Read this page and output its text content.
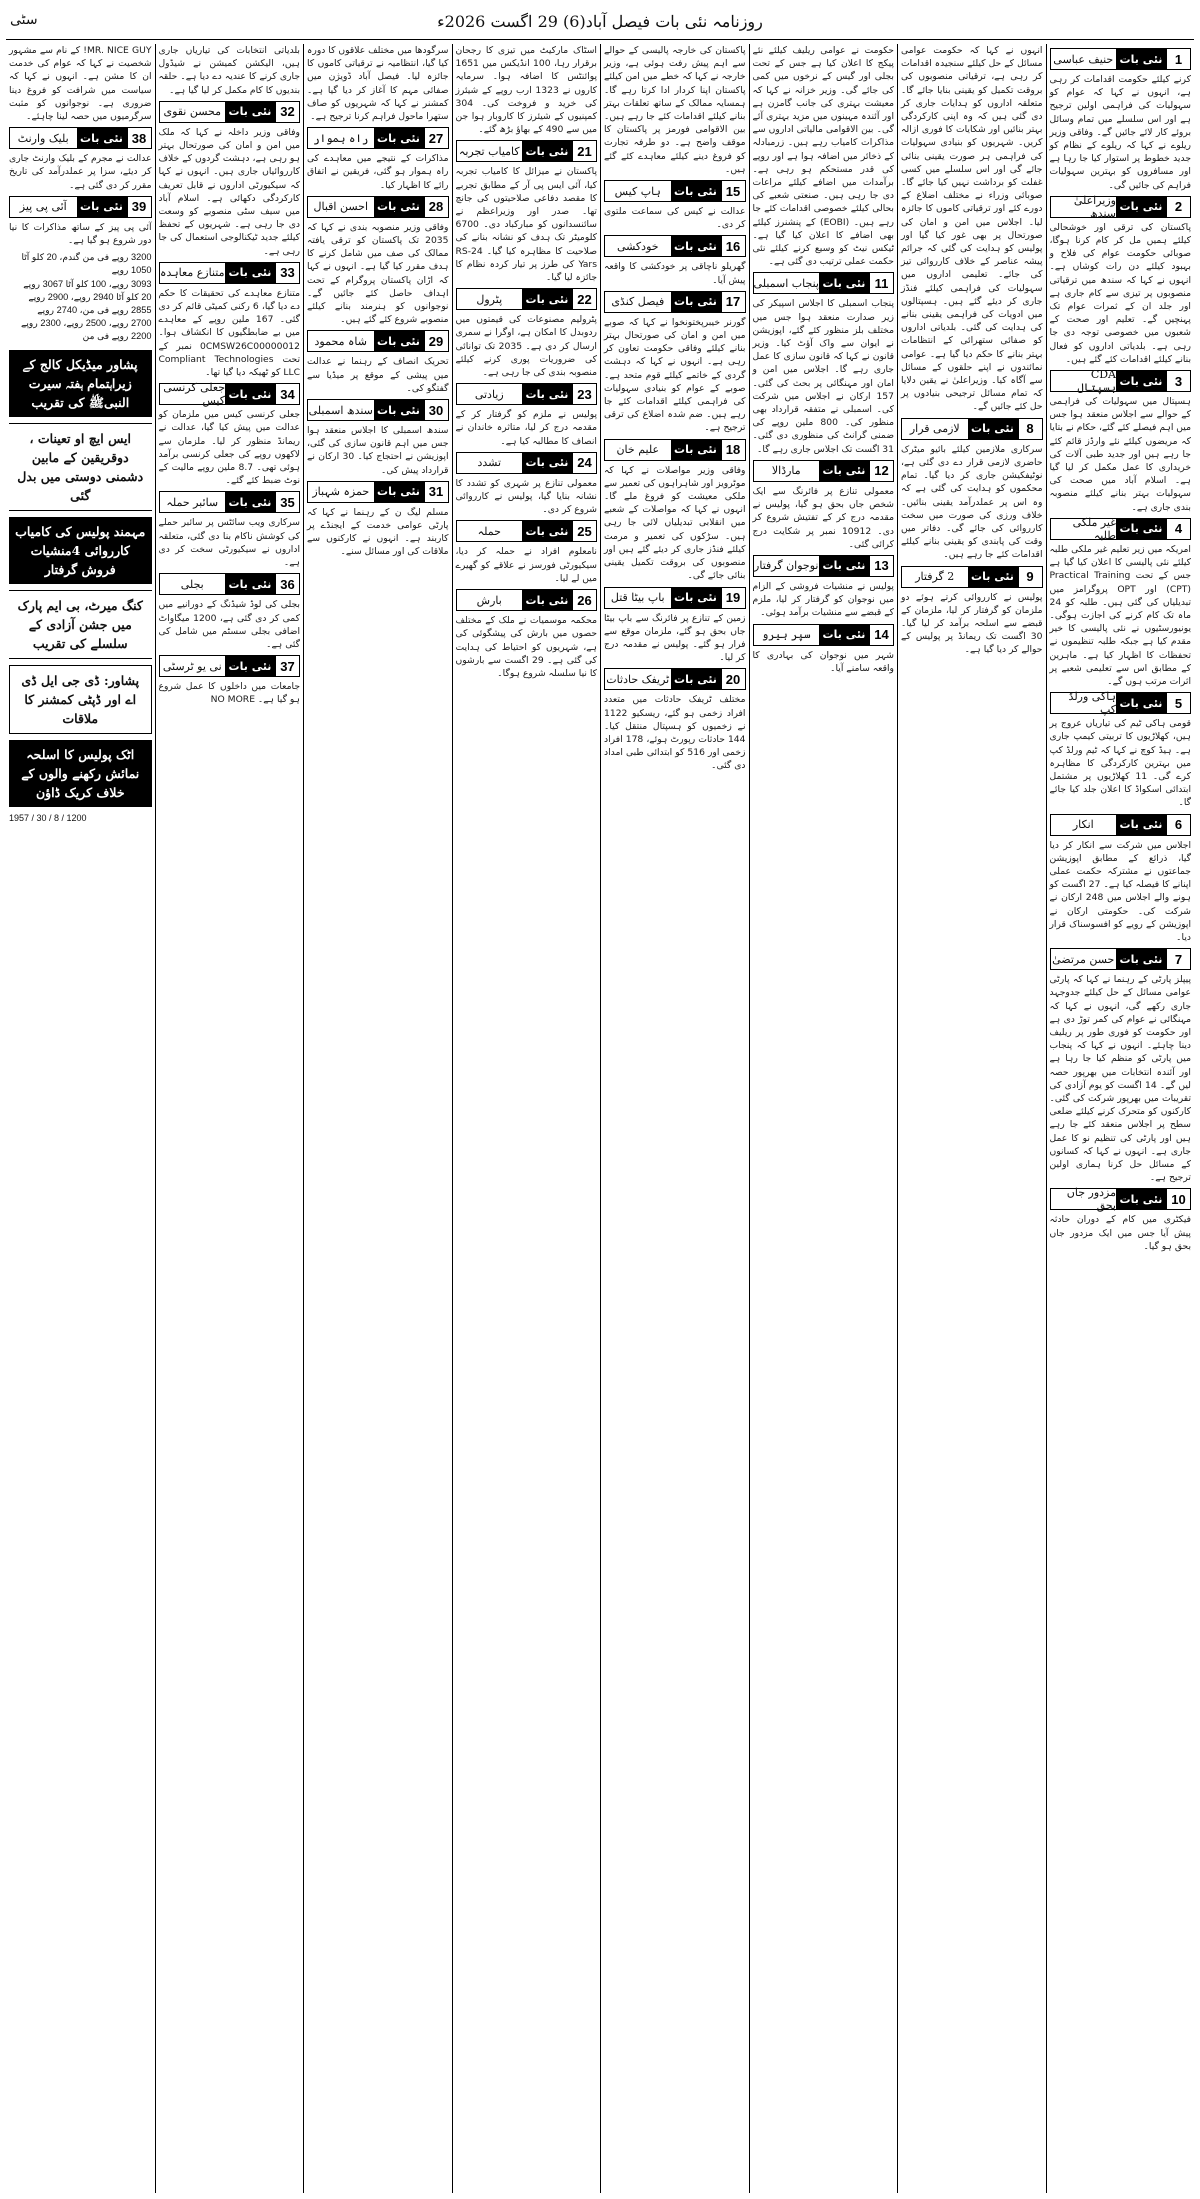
روزنامہ نئی بات فیصل آباد(6) 29 اگست 2026ء
سٹی
1
نئی بات
حنیف عباسی
کرنے کیلئے حکومت اقدامات کر رہی ہے، انہوں نے کہا کہ عوام کو سہولیات کی فراہمی اولین ترجیح ہے اور اس سلسلے میں تمام وسائل بروئے کار لائے جائیں گے۔ وفاقی وزیر ریلوے نے کہا کہ ریلوے کے نظام کو جدید خطوط پر استوار کیا جا رہا ہے اور مسافروں کو بہترین سہولیات فراہم کی جائیں گی۔
2
نئی بات
وزیراعلیٰ سندھ
پاکستان کی ترقی اور خوشحالی کیلئے ہمیں مل کر کام کرنا ہوگا، صوبائی حکومت عوام کی فلاح و بہبود کیلئے دن رات کوشاں ہے۔ انہوں نے کہا کہ سندھ میں ترقیاتی منصوبوں پر تیزی سے کام جاری ہے اور جلد ان کے ثمرات عوام تک پہنچیں گے۔ تعلیم اور صحت کے شعبوں میں خصوصی توجہ دی جا رہی ہے۔ بلدیاتی اداروں کو فعال بنانے کیلئے اقدامات کئے گئے ہیں۔
3
نئی بات
CDA ہسپتال
ہسپتال میں سہولیات کی فراہمی کے حوالے سے اجلاس منعقد ہوا جس میں اہم فیصلے کئے گئے، حکام نے بتایا کہ مریضوں کیلئے نئے وارڈز قائم کئے جا رہے ہیں اور جدید طبی آلات کی خریداری کا عمل مکمل کر لیا گیا ہے۔ اسلام آباد میں صحت کی سہولیات بہتر بنانے کیلئے منصوبہ بندی جاری ہے۔
4
نئی بات
غیر ملکی طلبہ
امریکہ میں زیر تعلیم غیر ملکی طلبہ کیلئے نئی پالیسی کا اعلان کیا گیا ہے جس کے تحت Practical Training (CPT) اور OPT پروگرامز میں تبدیلیاں کی گئی ہیں۔ طلبہ کو 24 ماہ تک کام کرنے کی اجازت ہوگی۔ یونیورسٹیوں نے نئی پالیسی کا خیر مقدم کیا ہے جبکہ طلبہ تنظیموں نے تحفظات کا اظہار کیا ہے۔ ماہرین کے مطابق اس سے تعلیمی شعبے پر اثرات مرتب ہوں گے۔
5
نئی بات
ہاکی ورلڈ کپ
قومی ہاکی ٹیم کی تیاریاں عروج پر ہیں، کھلاڑیوں کا تربیتی کیمپ جاری ہے۔ ہیڈ کوچ نے کہا کہ ٹیم ورلڈ کپ میں بہترین کارکردگی کا مظاہرہ کرے گی۔ 11 کھلاڑیوں پر مشتمل ابتدائی اسکواڈ کا اعلان جلد کیا جائے گا۔
6
نئی بات
انکار
اجلاس میں شرکت سے انکار کر دیا گیا، ذرائع کے مطابق اپوزیشن جماعتوں نے مشترکہ حکمت عملی اپنانے کا فیصلہ کیا ہے۔ 27 اگست کو ہونے والے اجلاس میں 248 ارکان نے شرکت کی۔ حکومتی ارکان نے اپوزیشن کے رویے کو افسوسناک قرار دیا۔
7
نئی بات
حسن مرتضیٰ
پیپلز پارٹی کے رہنما نے کہا کہ پارٹی عوامی مسائل کے حل کیلئے جدوجہد جاری رکھے گی، انہوں نے کہا کہ مہنگائی نے عوام کی کمر توڑ دی ہے اور حکومت کو فوری طور پر ریلیف دینا چاہئے۔ انہوں نے کہا کہ پنجاب میں پارٹی کو منظم کیا جا رہا ہے اور آئندہ انتخابات میں بھرپور حصہ لیں گے۔ 14 اگست کو یوم آزادی کی تقریبات میں بھرپور شرکت کی گئی۔ کارکنوں کو متحرک کرنے کیلئے ضلعی سطح پر اجلاس منعقد کئے جا رہے ہیں اور پارٹی کی تنظیم نو کا عمل جاری ہے۔ انہوں نے کہا کہ کسانوں کے مسائل حل کرنا ہماری اولین ترجیح ہے۔
10
نئی بات
مزدور جاں بحق
فیکٹری میں کام کے دوران حادثہ پیش آیا جس میں ایک مزدور جاں بحق ہو گیا۔
انہوں نے کہا کہ حکومت عوامی مسائل کے حل کیلئے سنجیدہ اقدامات کر رہی ہے، ترقیاتی منصوبوں کی بروقت تکمیل کو یقینی بنایا جائے گا۔ متعلقہ اداروں کو ہدایات جاری کر دی گئی ہیں کہ وہ اپنی کارکردگی بہتر بنائیں اور شکایات کا فوری ازالہ کریں۔ شہریوں کو بنیادی سہولیات کی فراہمی ہر صورت یقینی بنائی جائے گی اور اس سلسلے میں کسی غفلت کو برداشت نہیں کیا جائے گا۔ صوبائی وزراء نے مختلف اضلاع کے دورے کئے اور ترقیاتی کاموں کا جائزہ لیا۔ اجلاس میں امن و امان کی صورتحال پر بھی غور کیا گیا اور پولیس کو ہدایت کی گئی کہ جرائم پیشہ عناصر کے خلاف کارروائی تیز کی جائے۔ تعلیمی اداروں میں سہولیات کی فراہمی کیلئے فنڈز جاری کر دیئے گئے ہیں۔ ہسپتالوں میں ادویات کی فراہمی یقینی بنانے کی ہدایت کی گئی۔ بلدیاتی اداروں کو صفائی ستھرائی کے انتظامات بہتر بنانے کا حکم دیا گیا ہے۔ عوامی نمائندوں نے اپنے حلقوں کے مسائل سے آگاہ کیا۔ وزیراعلیٰ نے یقین دلایا کہ تمام مسائل ترجیحی بنیادوں پر حل کئے جائیں گے۔
8
نئی بات
لازمی قرار
سرکاری ملازمین کیلئے بائیو میٹرک حاضری لازمی قرار دے دی گئی ہے، نوٹیفکیشن جاری کر دیا گیا۔ تمام محکموں کو ہدایت کی گئی ہے کہ وہ اس پر عملدرآمد یقینی بنائیں۔ خلاف ورزی کی صورت میں سخت کارروائی کی جائے گی۔ دفاتر میں وقت کی پابندی کو یقینی بنانے کیلئے اقدامات کئے جا رہے ہیں۔
9
نئی بات
2 گرفتار
پولیس نے کارروائی کرتے ہوئے دو ملزمان کو گرفتار کر لیا، ملزمان کے قبضے سے اسلحہ برآمد کر لیا گیا۔ 30 اگست تک ریمانڈ پر پولیس کے حوالے کر دیا گیا ہے۔
حکومت نے عوامی ریلیف کیلئے نئے پیکج کا اعلان کیا ہے جس کے تحت بجلی اور گیس کے نرخوں میں کمی کی جائے گی۔ وزیر خزانہ نے کہا کہ معیشت بہتری کی جانب گامزن ہے اور آئندہ مہینوں میں مزید بہتری آئے گی۔ بین الاقوامی مالیاتی اداروں سے مذاکرات کامیاب رہے ہیں۔ زرمبادلہ کے ذخائر میں اضافہ ہوا ہے اور روپے کی قدر مستحکم ہو رہی ہے۔ برآمدات میں اضافے کیلئے مراعات دی جا رہی ہیں۔ صنعتی شعبے کی بحالی کیلئے خصوصی اقدامات کئے جا رہے ہیں۔ (EOBI) کے پنشنرز کیلئے بھی اضافے کا اعلان کیا گیا ہے۔ ٹیکس نیٹ کو وسیع کرنے کیلئے نئی حکمت عملی ترتیب دی گئی ہے۔
11
نئی بات
پنجاب اسمبلی
پنجاب اسمبلی کا اجلاس اسپیکر کی زیر صدارت منعقد ہوا جس میں مختلف بلز منظور کئے گئے، اپوزیشن نے ایوان سے واک آؤٹ کیا۔ وزیر قانون نے کہا کہ قانون سازی کا عمل جاری رہے گا۔ اجلاس میں امن و امان اور مہنگائی پر بحث کی گئی۔ 157 ارکان نے اجلاس میں شرکت کی۔ اسمبلی نے متفقہ قرارداد بھی منظور کی۔ 800 ملین روپے کی ضمنی گرانٹ کی منظوری دی گئی۔ 31 اگست تک اجلاس جاری رہے گا۔
12
نئی بات
مارڈالا
معمولی تنازع پر فائرنگ سے ایک شخص جاں بحق ہو گیا، پولیس نے مقدمہ درج کر کے تفتیش شروع کر دی۔ 10912 نمبر پر شکایت درج کرائی گئی۔
13
نئی بات
نوجوان گرفتار
پولیس نے منشیات فروشی کے الزام میں نوجوان کو گرفتار کر لیا، ملزم کے قبضے سے منشیات برآمد ہوئی۔
14
نئی بات
سپر ہیرو
شہر میں نوجوان کی بہادری کا واقعہ سامنے آیا۔
پاکستان کی خارجہ پالیسی کے حوالے سے اہم پیش رفت ہوئی ہے، وزیر خارجہ نے کہا کہ خطے میں امن کیلئے پاکستان اپنا کردار ادا کرتا رہے گا۔ ہمسایہ ممالک کے ساتھ تعلقات بہتر بنانے کیلئے اقدامات کئے جا رہے ہیں۔ بین الاقوامی فورمز پر پاکستان کا موقف واضح ہے۔ دو طرفہ تجارت کو فروغ دینے کیلئے معاہدے کئے گئے ہیں۔
15
نئی بات
ہاپ کیس
عدالت نے کیس کی سماعت ملتوی کر دی۔
16
نئی بات
خودکشی
گھریلو ناچاقی پر خودکشی کا واقعہ پیش آیا۔
17
نئی بات
فیصل کنڈی
گورنر خیبرپختونخوا نے کہا کہ صوبے میں امن و امان کی صورتحال بہتر بنانے کیلئے وفاقی حکومت تعاون کر رہی ہے۔ انہوں نے کہا کہ دہشت گردی کے خاتمے کیلئے قوم متحد ہے۔ صوبے کے عوام کو بنیادی سہولیات کی فراہمی کیلئے اقدامات کئے جا رہے ہیں۔ ضم شدہ اضلاع کی ترقی ترجیح ہے۔
18
نئی بات
علیم خان
وفاقی وزیر مواصلات نے کہا کہ موٹرویز اور شاہراہوں کی تعمیر سے ملکی معیشت کو فروغ ملے گا۔ انہوں نے کہا کہ مواصلات کے شعبے میں انقلابی تبدیلیاں لائی جا رہی ہیں۔ سڑکوں کی تعمیر و مرمت کیلئے فنڈز جاری کر دیئے گئے ہیں اور منصوبوں کی بروقت تکمیل یقینی بنائی جائے گی۔
19
نئی بات
باپ بیٹا قتل
زمین کے تنازع پر فائرنگ سے باپ بیٹا جاں بحق ہو گئے، ملزمان موقع سے فرار ہو گئے۔ پولیس نے مقدمہ درج کر لیا۔
20
نئی بات
ٹریفک حادثات
مختلف ٹریفک حادثات میں متعدد افراد زخمی ہو گئے، ریسکیو 1122 نے زخمیوں کو ہسپتال منتقل کیا۔ 144 حادثات رپورٹ ہوئے، 178 افراد زخمی اور 516 کو ابتدائی طبی امداد دی گئی۔
اسٹاک مارکیٹ میں تیزی کا رجحان برقرار رہا، 100 انڈیکس میں 1651 پوائنٹس کا اضافہ ہوا۔ سرمایہ کاروں نے 1323 ارب روپے کے شیئرز کی خرید و فروخت کی۔ 304 کمپنیوں کے شیئرز کا کاروبار ہوا جن میں سے 490 کے بھاؤ بڑھ گئے۔
21
نئی بات
کامیاب تجربہ
پاکستان نے میزائل کا کامیاب تجربہ کیا، آئی ایس پی آر کے مطابق تجربے کا مقصد دفاعی صلاحیتوں کی جانچ تھا۔ صدر اور وزیراعظم نے سائنسدانوں کو مبارکباد دی۔ 6700 کلومیٹر تک ہدف کو نشانہ بنانے کی صلاحیت کا مظاہرہ کیا گیا۔ RS-24 Yars کی طرز پر تیار کردہ نظام کا جائزہ لیا گیا۔
22
نئی بات
پٹرول
پٹرولیم مصنوعات کی قیمتوں میں ردوبدل کا امکان ہے، اوگرا نے سمری ارسال کر دی ہے۔ 2035 تک توانائی کی ضروریات پوری کرنے کیلئے منصوبہ بندی کی جا رہی ہے۔
23
نئی بات
زیادتی
پولیس نے ملزم کو گرفتار کر کے مقدمہ درج کر لیا، متاثرہ خاندان نے انصاف کا مطالبہ کیا ہے۔
24
نئی بات
تشدد
معمولی تنازع پر شہری کو تشدد کا نشانہ بنایا گیا، پولیس نے کارروائی شروع کر دی۔
25
نئی بات
حملہ
نامعلوم افراد نے حملہ کر دیا، سیکیورٹی فورسز نے علاقے کو گھیرے میں لے لیا۔
26
نئی بات
بارش
محکمہ موسمیات نے ملک کے مختلف حصوں میں بارش کی پیشگوئی کی ہے، شہریوں کو احتیاط کی ہدایت کی گئی ہے۔ 29 اگست سے بارشوں کا نیا سلسلہ شروع ہوگا۔
سرگودھا میں مختلف علاقوں کا دورہ کیا گیا، انتظامیہ نے ترقیاتی کاموں کا جائزہ لیا۔ فیصل آباد ڈویژن میں صفائی مہم کا آغاز کر دیا گیا ہے۔ کمشنر نے کہا کہ شہریوں کو صاف ستھرا ماحول فراہم کرنا ترجیح ہے۔
27
نئی بات
راہ ہموار
مذاکرات کے نتیجے میں معاہدے کی راہ ہموار ہو گئی، فریقین نے اتفاق رائے کا اظہار کیا۔
28
نئی بات
احسن اقبال
وفاقی وزیر منصوبہ بندی نے کہا کہ 2035 تک پاکستان کو ترقی یافتہ ممالک کی صف میں شامل کرنے کا ہدف مقرر کیا گیا ہے۔ انہوں نے کہا کہ اڑان پاکستان پروگرام کے تحت اہداف حاصل کئے جائیں گے۔ نوجوانوں کو ہنرمند بنانے کیلئے منصوبے شروع کئے گئے ہیں۔
29
نئی بات
شاہ محمود
تحریک انصاف کے رہنما نے عدالت میں پیشی کے موقع پر میڈیا سے گفتگو کی۔
30
نئی بات
سندھ اسمبلی
سندھ اسمبلی کا اجلاس منعقد ہوا جس میں اہم قانون سازی کی گئی، اپوزیشن نے احتجاج کیا۔ 30 ارکان نے قرارداد پیش کی۔
31
نئی بات
حمزہ شہباز
مسلم لیگ ن کے رہنما نے کہا کہ پارٹی عوامی خدمت کے ایجنڈے پر کاربند ہے۔ انہوں نے کارکنوں سے ملاقات کی اور مسائل سنے۔
بلدیاتی انتخابات کی تیاریاں جاری ہیں، الیکشن کمیشن نے شیڈول جاری کرنے کا عندیہ دے دیا ہے۔ حلقہ بندیوں کا کام مکمل کر لیا گیا ہے۔
32
نئی بات
محسن نقوی
وفاقی وزیر داخلہ نے کہا کہ ملک میں امن و امان کی صورتحال بہتر ہو رہی ہے، دہشت گردوں کے خلاف کارروائیاں جاری ہیں۔ انہوں نے کہا کہ سیکیورٹی اداروں نے قابل تعریف کارکردگی دکھائی ہے۔ اسلام آباد میں سیف سٹی منصوبے کو وسعت دی جا رہی ہے۔ شہریوں کے تحفظ کیلئے جدید ٹیکنالوجی استعمال کی جا رہی ہے۔
33
نئی بات
متنازع معاہدہ
متنازع معاہدے کی تحقیقات کا حکم دے دیا گیا، 6 رکنی کمیٹی قائم کر دی گئی۔ 167 ملین روپے کے معاہدے میں بے ضابطگیوں کا انکشاف ہوا۔ 0CMSW26C00000012 نمبر کے تحت Compliant Technologies LLC کو ٹھیکہ دیا گیا تھا۔
34
نئی بات
جعلی کرنسی کیس
جعلی کرنسی کیس میں ملزمان کو عدالت میں پیش کیا گیا، عدالت نے ریمانڈ منظور کر لیا۔ ملزمان سے لاکھوں روپے کی جعلی کرنسی برآمد ہوئی تھی۔ 8.7 ملین روپے مالیت کے نوٹ ضبط کئے گئے۔
35
نئی بات
سائبر حملہ
سرکاری ویب سائٹس پر سائبر حملے کی کوشش ناکام بنا دی گئی، متعلقہ اداروں نے سیکیورٹی سخت کر دی ہے۔
36
نئی بات
بجلی
بجلی کی لوڈ شیڈنگ کے دورانیے میں کمی کر دی گئی ہے، 1200 میگاواٹ اضافی بجلی سسٹم میں شامل کی گئی ہے۔
37
نئی بات
نی یو ٹرسٹی
جامعات میں داخلوں کا عمل شروع ہو گیا ہے۔ NO MORE
MR. NICE GUY! کے نام سے مشہور شخصیت نے کہا کہ عوام کی خدمت ان کا مشن ہے۔ انہوں نے کہا کہ سیاست میں شرافت کو فروغ دینا ضروری ہے۔ نوجوانوں کو مثبت سرگرمیوں میں حصہ لینا چاہئے۔
38
نئی بات
بلیک وارنٹ
عدالت نے مجرم کے بلیک وارنٹ جاری کر دیئے، سزا پر عملدرآمد کی تاریخ مقرر کر دی گئی ہے۔
39
نئی بات
آئی پی پیز
آئی پی پیز کے ساتھ مذاکرات کا نیا دور شروع ہو گیا ہے۔
3200 روپے فی من گندم، 20 کلو آٹا 1050 روپے
3093 روپے، 100 کلو آٹا 3067 روپے
20 کلو آٹا 2940 روپے، 2900 روپے
2855 روپے فی من، 2740 روپے
2700 روپے، 2500 روپے، 2300 روپے
2200 روپے فی من
پشاور میڈیکل کالج کے زیراہتمام ہفتہ سیرت النبیﷺ کی تقریب
ایس ایچ او تعینات ، دوقریقین کے مابین دشمنی دوستی میں بدل گئی
مہمند پولیس کی کامیاب کارروائی 4منشیات فروش گرفتار
کنگ میرٹ، بی ایم پارک میں جشن آزادی کے سلسلے کی تقریب
پشاور: ڈی جی ایل ڈی اے اور ڈپٹی کمشنر کا ملاقات
اٹک پولیس کا اسلحہ نمائش رکھنے والوں کے خلاف کریک ڈاؤن
1957 / 30 / 8 / 1200
